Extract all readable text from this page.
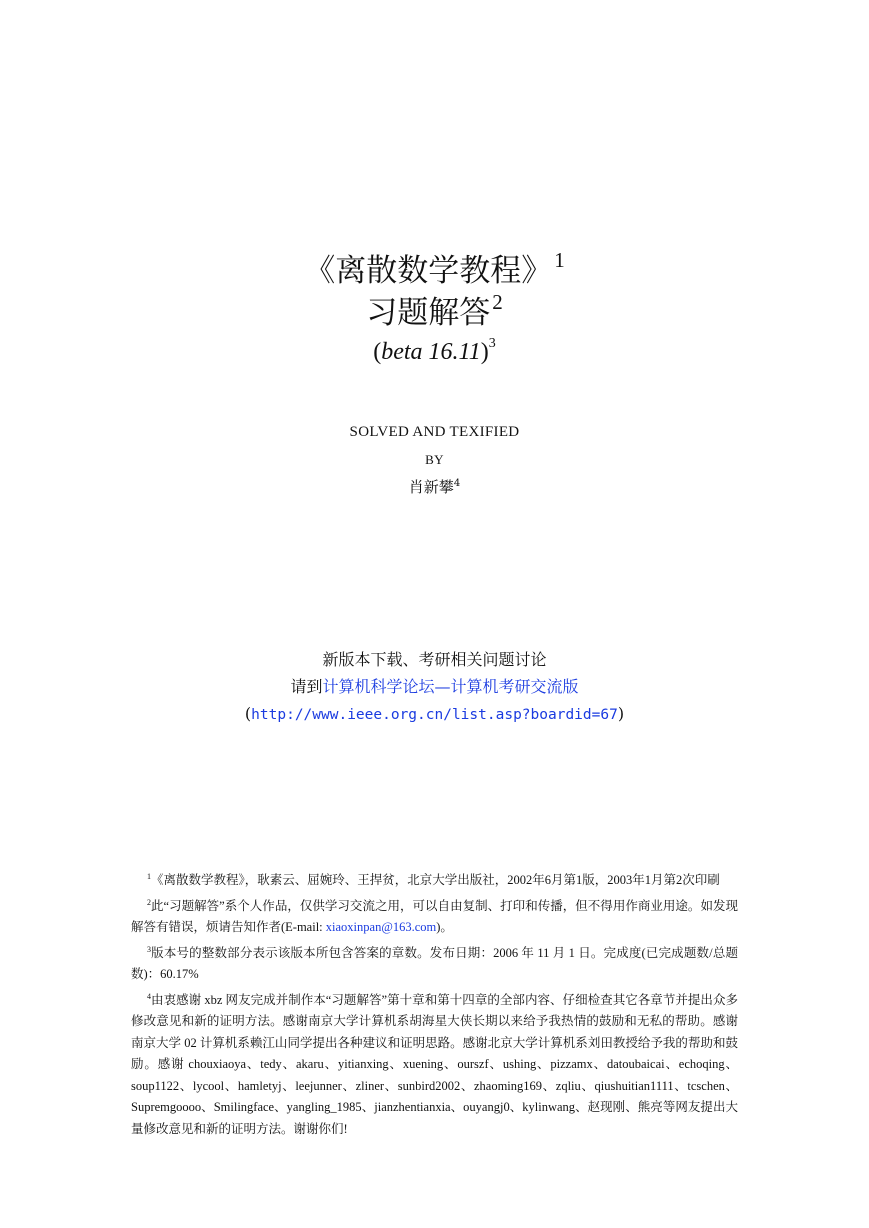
《离散数学教程》$^1$
习题解答$^2$
(beta 16.11)$^3$
SOLVED AND TEXIFIED
BY
肖新攀$^4$
新版本下载、考研相关问题讨论
请到计算机科学论坛—计算机考研交流版
(http://www.ieee.org.cn/list.asp?boardid=67)

$^1$《离散数学教程》，耿素云、屈婉玲、王捍贫，北京大学出版社，2002年6月第1版，2003年1月第2次印刷

$^2$此“习题解答”系个人作品，仅供学习交流之用，可以自由复制、打印和传播，但不得用作商业用途。如发现解答有错误，烦请告知作者(E-mail: xiaoxinpan@163.com)。

$^3$版本号的整数部分表示该版本所包含答案的章数。发布日期：2006 年 11 月 1 日。完成度(已完成题数/总题数)：60.17%

$^4$由衷感谢 xbz 网友完成并制作本“习题解答”第十章和第十四章的全部内容、仔细检查其它各章节并提出众多修改意见和新的证明方法。感谢南京大学计算机系胡海星大侠长期以来给予我热情的鼓励和无私的帮助。感谢南京大学 02 计算机系赖江山同学提出各种建议和证明思路。感谢北京大学计算机系刘田教授给予我的帮助和鼓励。感谢 chouxiaoya、tedy、akaru、yitianxing、xuening、ourszf、ushing、pizzamx、datoubaicai、echoqing、soup1122、lycool、hamletyj、leejunner、zliner、sunbird2002、zhaoming169、zqliu、qiushuitian1111、tcschen、Supremgoooo、Smilingface、yangling_1985、jianzhentianxia、ouyangj0、kylinwang、赵现刚、熊亮等网友提出大量修改意见和新的证明方法。谢谢你们!
